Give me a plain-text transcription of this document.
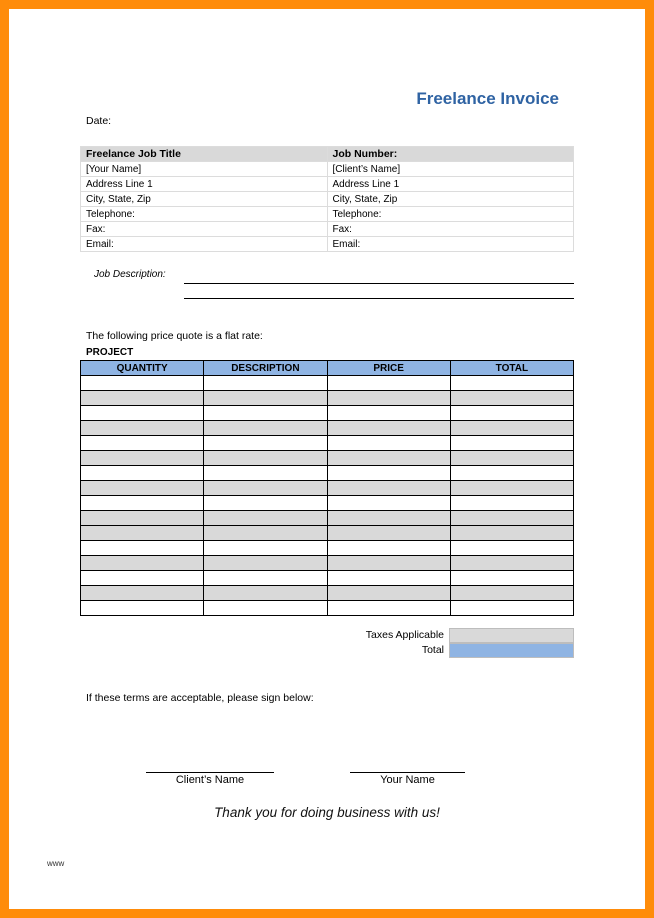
Freelance Invoice
Date:
Freelance Job Title	Job Number:
[Your Name]	[Client’s Name]
Address Line 1	Address Line 1
City, State, Zip	City, State, Zip
Telephone:	Telephone:
Fax:	Fax:
Email:	Email:
Job Description:
The following price quote is a flat rate:
PROJECT
QUANTITY	DESCRIPTION	PRICE	TOTAL

Taxes Applicable
Total
If these terms are acceptable, please sign below:
Client’s Name	Your Name
Thank you for doing business with us!
www
